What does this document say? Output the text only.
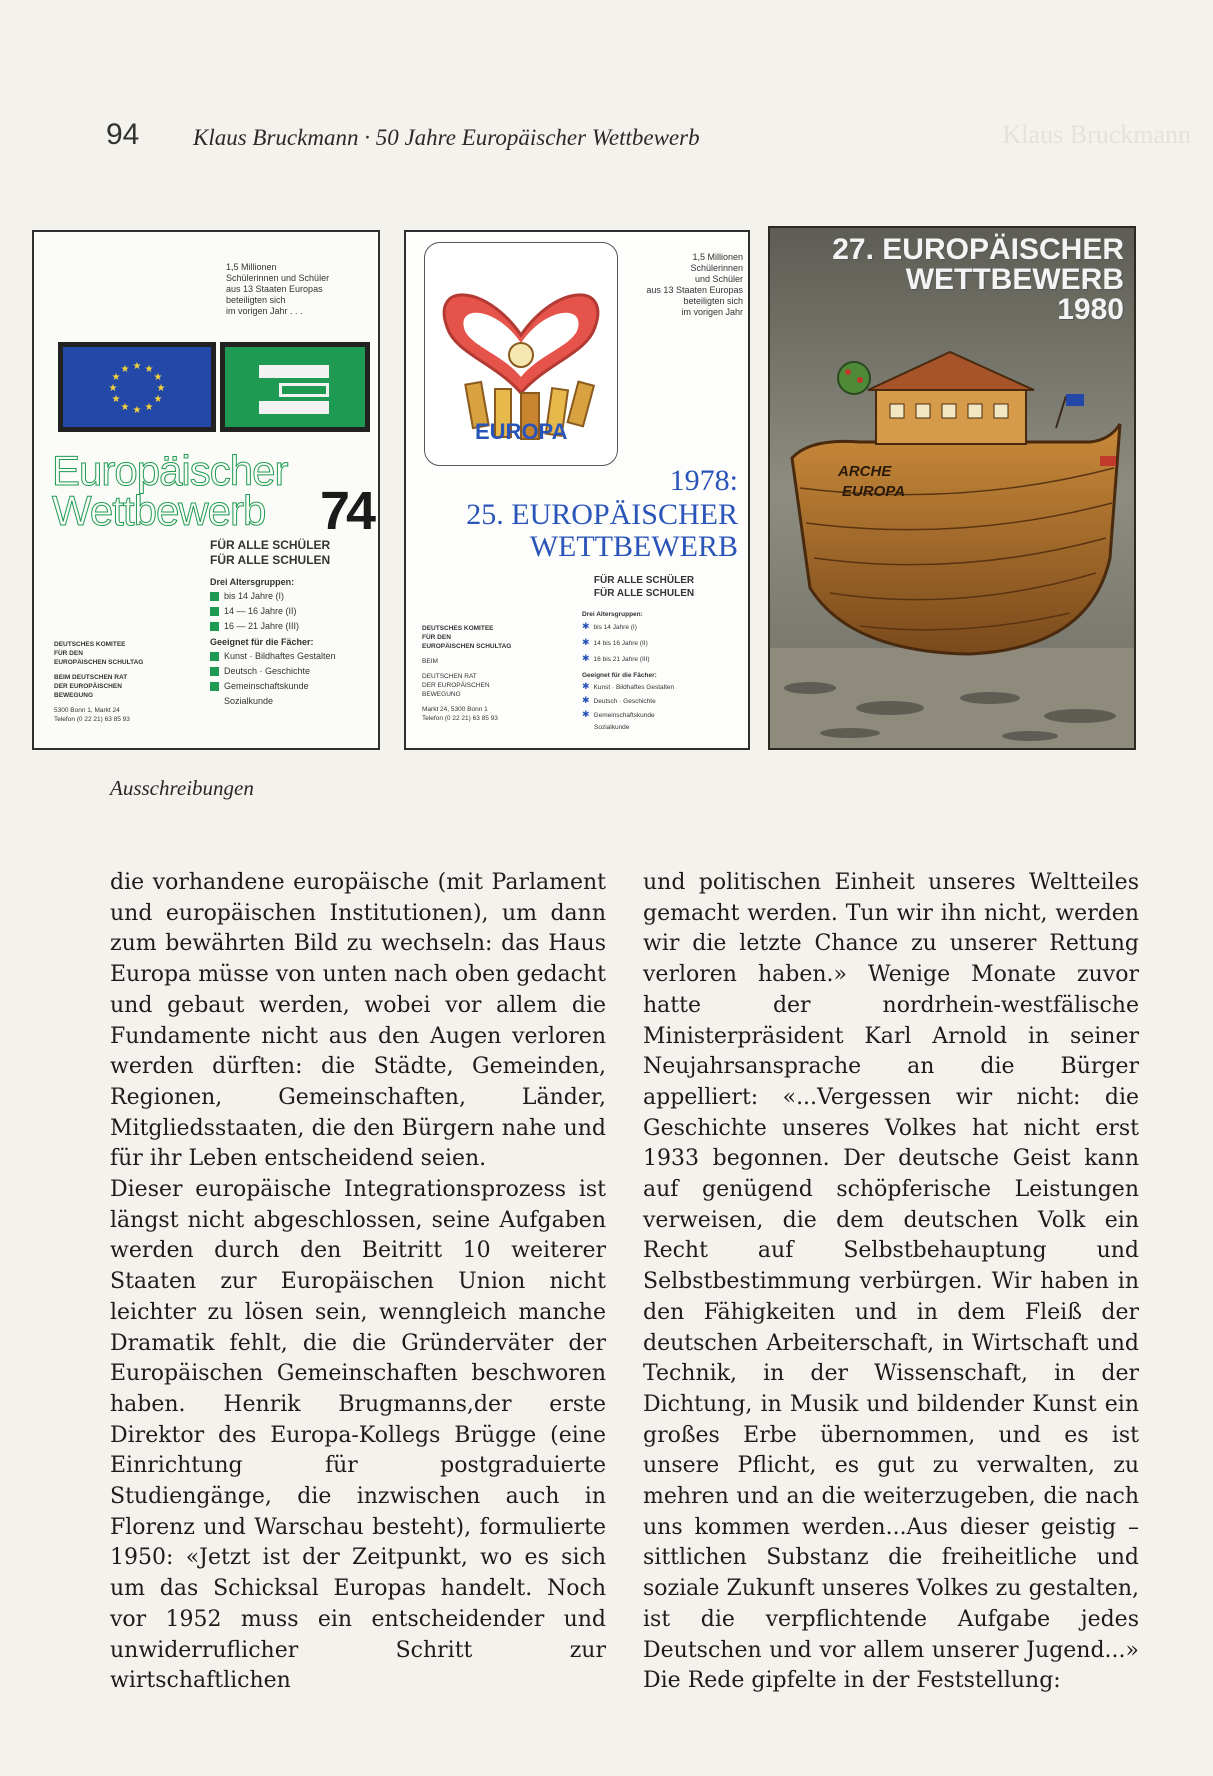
Klaus Bruckmann
94 Klaus Bruckmann · 50 Jahre Europäischer Wettbewerb
1,5 Millionen
Schülerinnen und Schüler
aus 13 Staaten Europas
beteiligten sich
im vorigen Jahr . . .
★ ★
★
★
★
★
★
★
★
★
★
★
Europäischer
Wettbewerb 74
FÜR ALLE SCHÜLER
FÜR ALLE SCHULEN
Drei Altersgruppen:
bis 14 Jahre (I)
14 — 16 Jahre (II)
16 — 21 Jahre (III)
Geeignet für die Fächer:
Kunst · Bildhaftes Gestalten
Deutsch · Geschichte
Gemeinschaftskunde
Sozialkunde
DEUTSCHES KOMITEE
FÜR DEN
EUROPÄISCHEN SCHULTAG
BEIM DEUTSCHEN RAT
DER EUROPÄISCHEN
BEWEGUNG
5300 Bonn 1, Markt 24
Telefon (0 22 21) 63 85 93
EUROPA
EUROPA
1,5 Millionen
Schülerinnen
und Schüler
aus 13 Staaten Europas
beteiligten sich
im vorigen Jahr
1978:
25. EUROPÄISCHER
WETTBEWERB
FÜR ALLE SCHÜLER
FÜR ALLE SCHULEN
Drei Altersgruppen:
✱ bis 14 Jahre (I)
✱ 14 bis 16 Jahre (II)
✱ 16 bis 21 Jahre (III)
Geeignet für die Fächer:
✱ Kunst · Bildhaftes Gestalten
✱ Deutsch · Geschichte
✱ Gemeinschaftskunde
Sozialkunde
DEUTSCHES KOMITEE
FÜR DEN
EUROPÄISCHEN SCHULTAG
BEIM
DEUTSCHEN RAT
DER EUROPÄISCHEN
BEWEGUNG
Markt 24, 5300 Bonn 1
Telefon (0 22 21) 63 85 93
ARCHE
EUROPA
27. EUROPÄISCHER
WETTBEWERB
1980
Ausschreibungen

die vorhandene europäische (mit Parlament und europäischen Institutionen), um dann zum bewährten Bild zu wechseln: das Haus Europa müsse von unten nach oben gedacht und gebaut werden, wobei vor allem die Fundamente nicht aus den Augen verloren werden dürften: die Städte, Gemeinden, Regionen, Gemeinschaften, Länder, Mitgliedsstaaten, die den Bürgern nahe und für ihr Leben entscheidend seien.

Dieser europäische Integrationsprozess ist längst nicht abgeschlossen, seine Aufgaben werden durch den Beitritt 10 weiterer Staaten zur Europäischen Union nicht leichter zu lösen sein, wenngleich manche Dramatik fehlt, die die Gründerväter der Europäischen Gemeinschaften beschworen haben. Henrik Brugmanns,der erste Direktor des Europa-Kollegs Brügge (eine Einrichtung für postgraduierte Studiengänge, die inzwischen auch in Florenz und Warschau besteht), formulierte 1950: «Jetzt ist der Zeitpunkt, wo es sich um das Schicksal Europas handelt. Noch vor 1952 muss ein entscheidender und unwiderruflicher Schritt zur wirtschaftlichen

und politischen Einheit unseres Weltteiles gemacht werden. Tun wir ihn nicht, werden wir die letzte Chance zu unserer Rettung verloren haben.» Wenige Monate zuvor hatte der nordrhein-westfälische Ministerpräsident Karl Arnold in seiner Neujahrsansprache an die Bürger appelliert: «...Vergessen wir nicht: die Geschichte unseres Volkes hat nicht erst 1933 begonnen. Der deutsche Geist kann auf genügend schöpferische Leistungen verweisen, die dem deutschen Volk ein Recht auf Selbstbehauptung und Selbstbestimmung verbürgen. Wir haben in den Fähigkeiten und in dem Fleiß der deutschen Arbeiterschaft, in Wirtschaft und Technik, in der Wissenschaft, in der Dichtung, in Musik und bildender Kunst ein großes Erbe übernommen, und es ist unsere Pflicht, es gut zu verwalten, zu mehren und an die weiterzugeben, die nach uns kommen werden...Aus dieser geistig – sittlichen Substanz die freiheitliche und soziale Zukunft unseres Volkes zu gestalten, ist die verpflichtende Aufgabe jedes Deutschen und vor allem unserer Jugend...» Die Rede gipfelte in der Feststellung:
